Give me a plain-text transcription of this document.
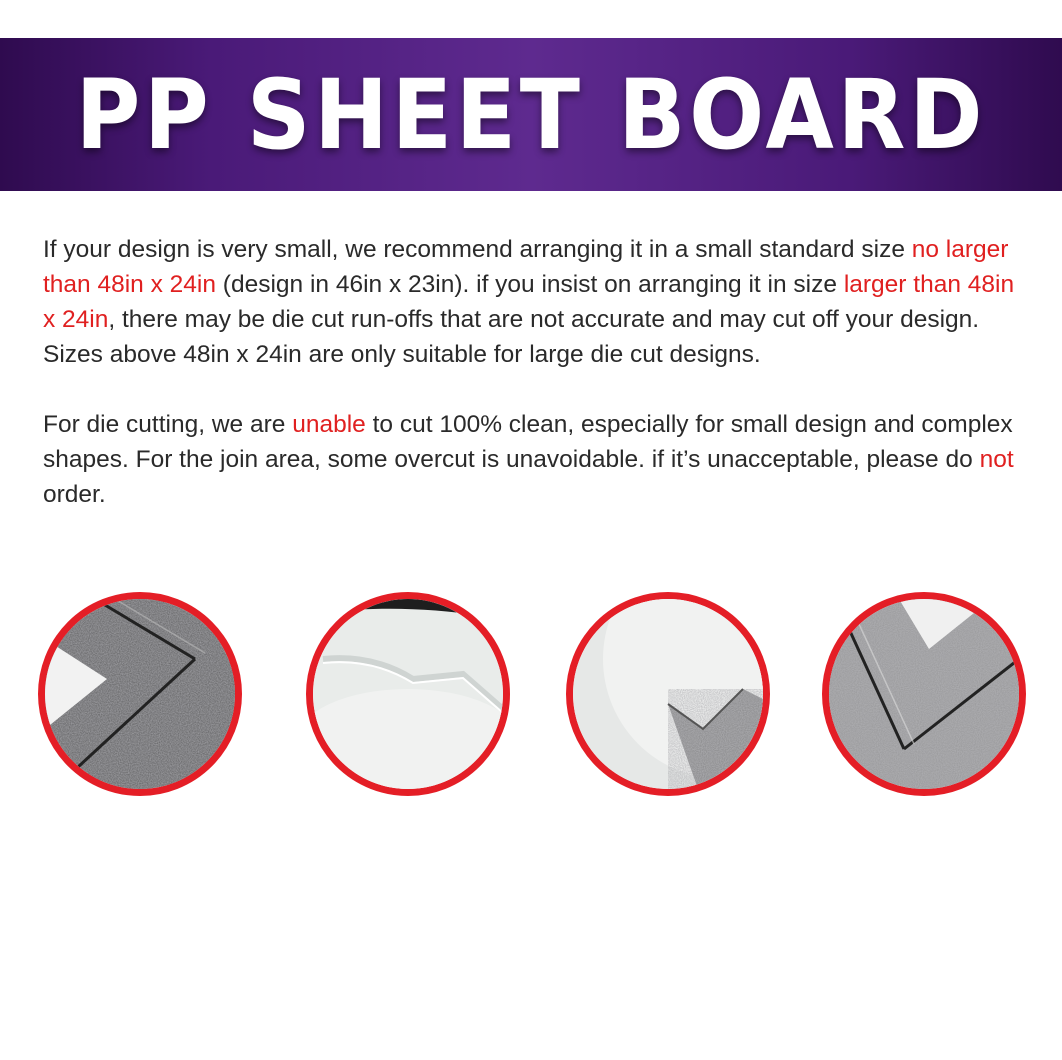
PP SHEET BOARD

If your design is very small, we recommend arranging it in a small standard size no larger than 48in x 24in (design in 46in x 23in). if you insist on arranging it in size larger than 48in x 24in, there may be die cut run-offs that are not accurate and may cut off your design. Sizes above 48in x 24in are only suitable for large die cut designs.

For die cutting, we are unable to cut 100% clean, especially for small design and complex shapes. For the join area, some overcut is unavoidable. if it’s unacceptable, please do not order.
